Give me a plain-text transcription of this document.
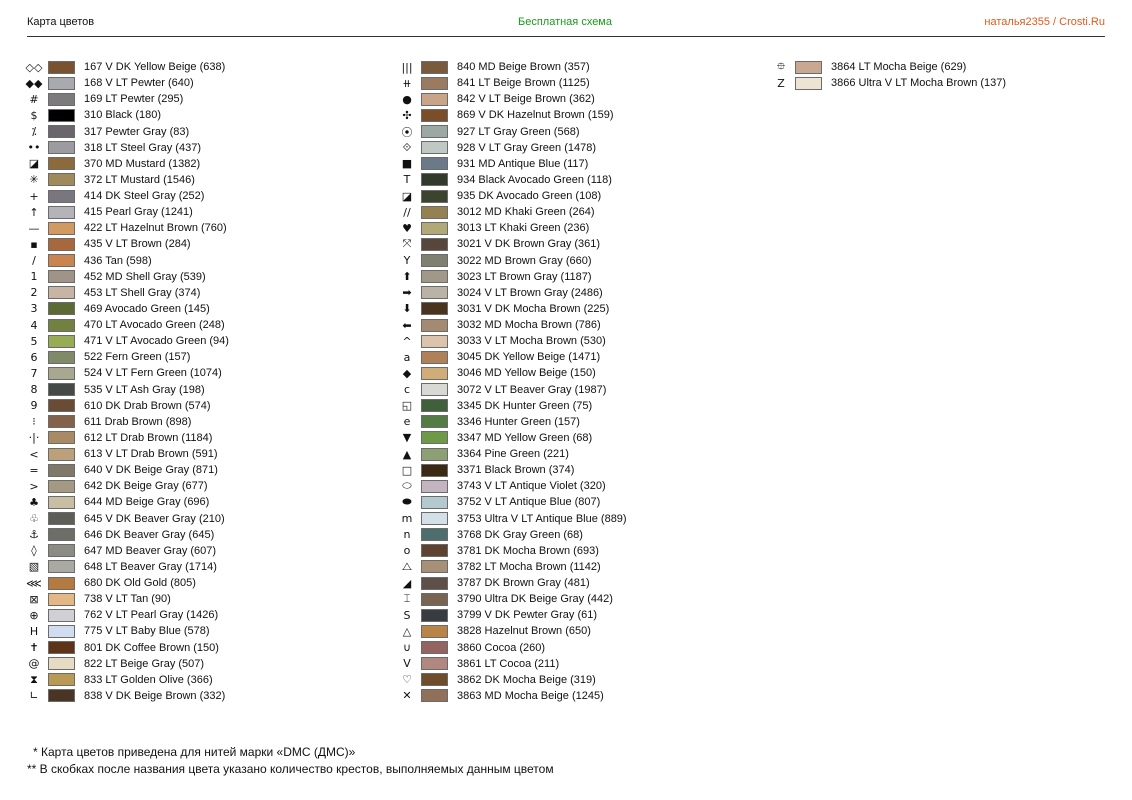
Карта цветов	Бесплатная схема	наталья2355 / Crosti.Ru
◇◇	167 V DK Yellow Beige (638)
◆◆	168 V LT Pewter (640)
#	169 LT Pewter (295)
$	310 Black (180)
⁒	317 Pewter Gray (83)
••	318 LT Steel Gray (437)
◪	370 MD Mustard (1382)
✳	372 LT Mustard (1546)
+	414 DK Steel Gray (252)
↑	415 Pearl Gray (1241)
—	422 LT Hazelnut Brown (760)
▪	435 V LT Brown (284)
/	436 Tan (598)
1	452 MD Shell Gray (539)
2	453 LT Shell Gray (374)
3	469 Avocado Green (145)
4	470 LT Avocado Green (248)
5	471 V LT Avocado Green (94)
6	522 Fern Green (157)
7	524 V LT Fern Green (1074)
8	535 V LT Ash Gray (198)
9	610 DK Drab Brown (574)
⁝	611 Drab Brown (898)
·|·	612 LT Drab Brown (1184)
<	613 V LT Drab Brown (591)
=	640 V DK Beige Gray (871)
>	642 DK Beige Gray (677)
♣	644 MD Beige Gray (696)
♧	645 V DK Beaver Gray (210)
⚓	646 DK Beaver Gray (645)
◊	647 MD Beaver Gray (607)
▧	648 LT Beaver Gray (1714)
⋘	680 DK Old Gold (805)
⊠	738 V LT Tan (90)
⊕	762 V LT Pearl Gray (1426)
H	775 V LT Baby Blue (578)
✝	801 DK Coffee Brown (150)
@	822 LT Beige Gray (507)
⧗	833 LT Golden Olive (366)
∟	838 V DK Beige Brown (332)
|||	840 MD Beige Brown (357)
⧺	841 LT Beige Brown (1125)
●	842 V LT Beige Brown (362)
✣	869 V DK Hazelnut Brown (159)
⦿	927 LT Gray Green (568)
⟐	928 V LT Gray Green (1478)
■	931 MD Antique Blue (117)
T	934 Black Avocado Green (118)
◪	935 DK Avocado Green (108)
//	3012 MD Khaki Green (264)
♥	3013 LT Khaki Green (236)
⤧	3021 V DK Brown Gray (361)
Y	3022 MD Brown Gray (660)
⬆	3023 LT Brown Gray (1187)
➡	3024 V LT Brown Gray (2486)
⬇	3031 V DK Mocha Brown (225)
⬅	3032 MD Mocha Brown (786)
^	3033 V LT Mocha Brown (530)
a	3045 DK Yellow Beige (1471)
◆	3046 MD Yellow Beige (150)
c	3072 V LT Beaver Gray (1987)
◱	3345 DK Hunter Green (75)
e	3346 Hunter Green (157)
▼	3347 MD Yellow Green (68)
▲	3364 Pine Green (221)
□	3371 Black Brown (374)
⬭	3743 V LT Antique Violet (320)
⬬	3752 V LT Antique Blue (807)
m	3753 Ultra V LT Antique Blue (889)
n	3768 DK Gray Green (68)
o	3781 DK Mocha Brown (693)
⧍	3782 LT Mocha Brown (1142)
◢	3787 DK Brown Gray (481)
⌶	3790 Ultra DK Beige Gray (442)
S	3799 V DK Pewter Gray (61)
△	3828 Hazelnut Brown (650)
∪	3860 Cocoa (260)
V	3861 LT Cocoa (211)
♡	3862 DK Mocha Beige (319)
✕	3863 MD Mocha Beige (1245)
⯐	3864 LT Mocha Beige (629)
Z	3866 Ultra V LT Mocha Brown (137)
* Карта цветов приведена для нитей марки «DMC (ДМС)»
** В скобках после названия цвета указано количество крестов, выполняемых данным цветом
